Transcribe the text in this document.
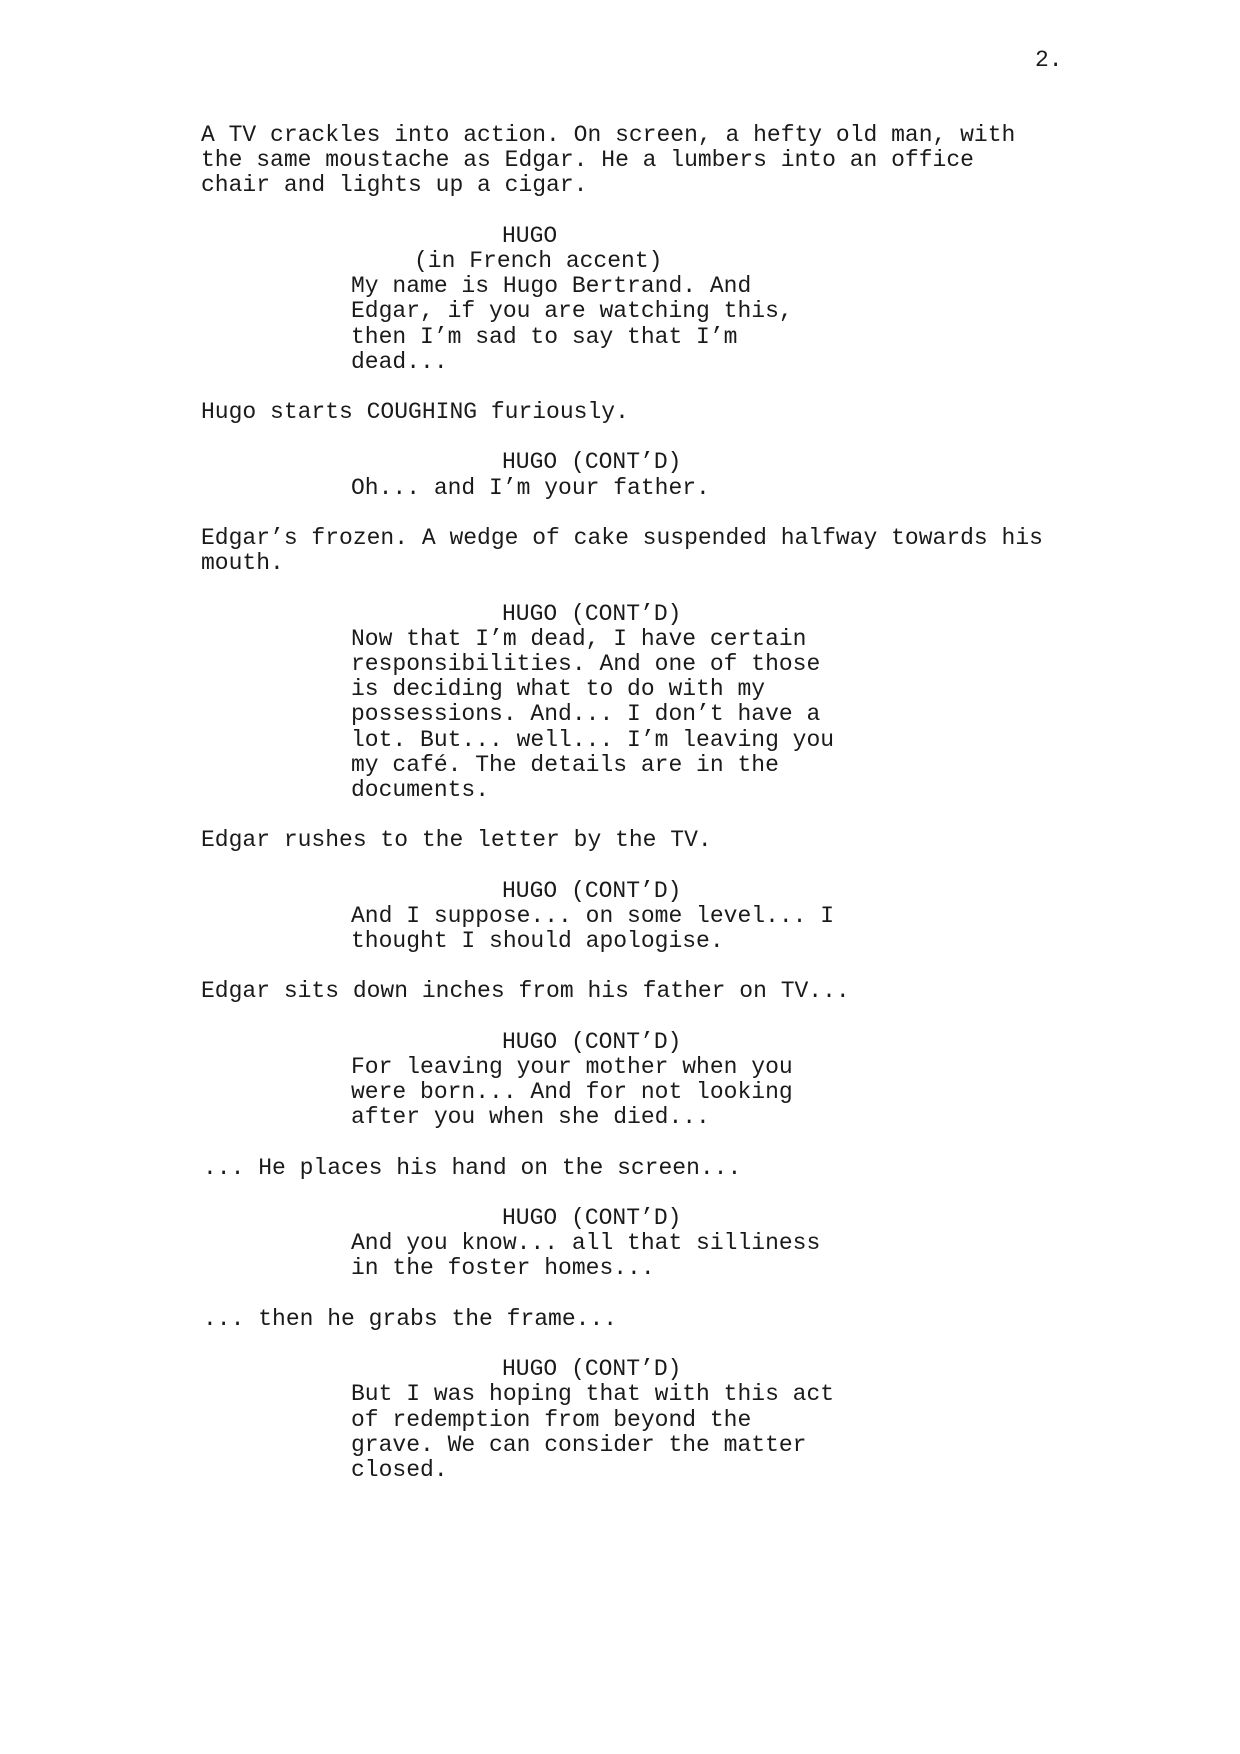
2.
A TV crackles into action. On screen, a hefty old man, with
the same moustache as Edgar. He a lumbers into an office
chair and lights up a cigar.
HUGO
(in French accent)
My name is Hugo Bertrand. And
Edgar, if you are watching this,
then I’m sad to say that I’m
dead...
Hugo starts COUGHING furiously.
HUGO (CONT’D)
Oh... and I’m your father.
Edgar’s frozen. A wedge of cake suspended halfway towards his
mouth.
HUGO (CONT’D)
Now that I’m dead, I have certain
responsibilities. And one of those
is deciding what to do with my
possessions. And... I don’t have a
lot. But... well... I’m leaving you
my café. The details are in the
documents.
Edgar rushes to the letter by the TV.
HUGO (CONT’D)
And I suppose... on some level... I
thought I should apologise.
Edgar sits down inches from his father on TV...
HUGO (CONT’D)
For leaving your mother when you
were born... And for not looking
after you when she died...
... He places his hand on the screen...
HUGO (CONT’D)
And you know... all that silliness
in the foster homes...
... then he grabs the frame...
HUGO (CONT’D)
But I was hoping that with this act
of redemption from beyond the
grave. We can consider the matter
closed.
